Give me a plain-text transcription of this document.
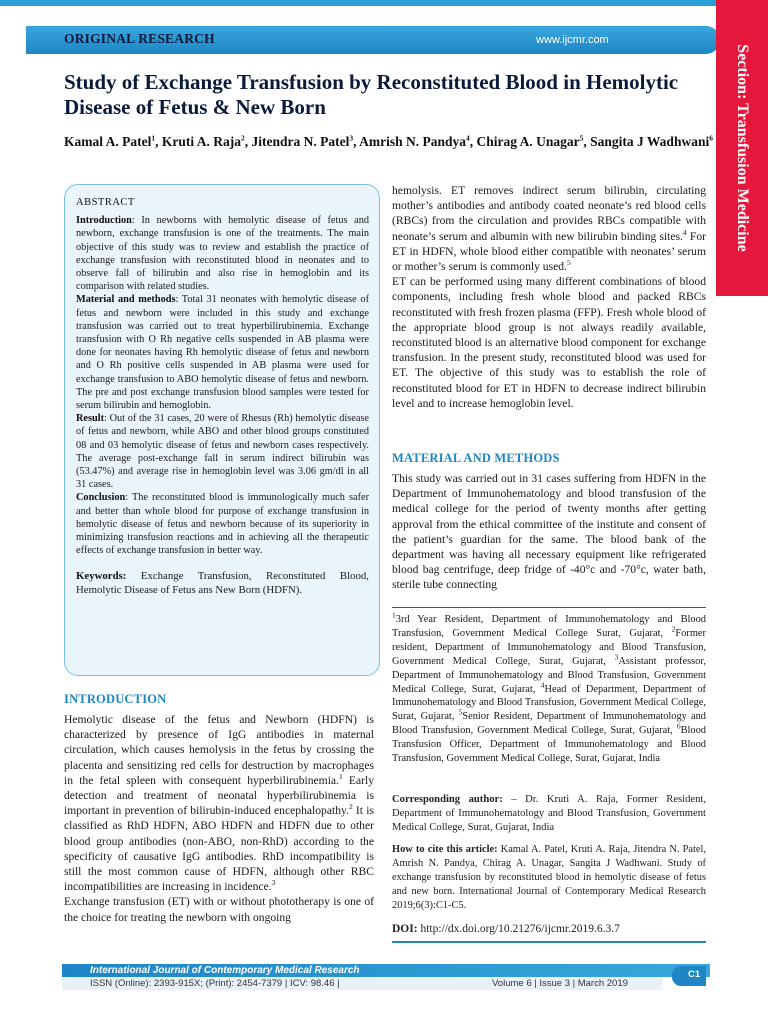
ORIGINAL RESEARCH	www.ijcmr.com
Section: Transfusion Medicine
Study of Exchange Transfusion by Reconstituted Blood in Hemolytic Disease of Fetus & New Born
Kamal A. Patel$^1$, Kruti A. Raja$^2$, Jitendra N. Patel$^3$, Amrish N. Pandya$^4$, Chirag A. Unagar$^5$, Sangita J Wadhwani$^6$
ABSTRACT

Introduction: In newborns with hemolytic disease of fetus and newborn, exchange transfusion is one of the treatments. The main objective of this study was to review and establish the practice of exchange transfusion with reconstituted blood in neonates and to observe fall of bilirubin and also rise in hemoglobin and its comparison with related studies.

Material and methods: Total 31 neonates with hemolytic disease of fetus and newborn were included in this study and exchange transfusion was carried out to treat hyperbilirubinemia. Exchange transfusion with O Rh negative cells suspended in AB plasma were done for neonates having Rh hemolytic disease of fetus and newborn and O Rh positive cells suspended in AB plasma were used for exchange transfusion to ABO hemolytic disease of fetus and newborn. The pre and post exchange transfusion blood samples were tested for serum bilirubin and hemoglobin.

Result: Out of the 31 cases, 20 were of Rhesus (Rh) hemolytic disease of fetus and newborn, while ABO and other blood groups constituted 08 and 03 hemolytic disease of fetus and newborn cases respectively. The average post-exchange fall in serum indirect bilirubin was (53.47%) and average rise in hemoglobin level was 3.06 gm/dl in all 31 cases.

Conclusion: The reconstituted blood is immunologically much safer and better than whole blood for purpose of exchange transfusion in hemolytic disease of fetus and newborn because of its superiority in minimizing transfusion reactions and in achieving all the therapeutic effects of exchange transfusion in better way.

Keywords: Exchange Transfusion, Reconstituted Blood, Hemolytic Disease of Fetus ans New Born (HDFN).

INTRODUCTION
Hemolytic disease of the fetus and Newborn (HDFN) is characterized by presence of IgG antibodies in maternal circulation, which causes hemolysis in the fetus by crossing the placenta and sensitizing red cells for destruction by macrophages in the fetal spleen with consequent hyperbilirubinemia.$^1$ Early detection and treatment of neonatal hyperbilirubinemia is important in prevention of bilirubin-induced encephalopathy.$^2$ It is classified as RhD HDFN, ABO HDFN and HDFN due to other blood group antibodies (non-ABO, non-RhD) according to the specificity of causative IgG antibodies. RhD incompatibility is still the most common cause of HDFN, although other RBC incompatibilities are increasing in incidence.$^3$
Exchange transfusion (ET) with or without phototherapy is one of the choice for treating the newborn with ongoing
hemolysis. ET removes indirect serum bilirubin, circulating mother’s antibodies and antibody coated neonate’s red blood cells (RBCs) from the circulation and provides RBCs compatible with neonate’s serum and albumin with new bilirubin binding sites.$^4$ For ET in HDFN, whole blood either compatible with neonates’ serum or mother’s serum is commonly used.$^5$
ET can be performed using many different combinations of blood components, including fresh whole blood and packed RBCs reconstituted with fresh frozen plasma (FFP). Fresh whole blood of the appropriate blood group is not always readily available, reconstituted blood is an alternative blood component for exchange transfusion. In the present study, reconstituted blood was used for ET. The objective of this study was to establish the role of reconstituted blood for ET in HDFN to decrease indirect bilirubin level and to increase hemoglobin level.
MATERIAL AND METHODS
This study was carried out in 31 cases suffering from HDFN in the Department of Immunohematology and blood transfusion of the medical college for the period of twenty months after getting approval from the ethical committee of the institute and consent of the patient’s guardian for the same. The blood bank of the department was having all necessary equipment like refrigerated blood bag centrifuge, deep fridge of -40°c and -70°c, water bath, sterile tube connecting
$^1$3rd Year Resident, Department of Immunohematology and Blood Transfusion, Government Medical College Surat, Gujarat, $^2$Former resident, Department of Immunohematology and Blood Transfusion, Government Medical College, Surat, Gujarat, $^3$Assistant professor, Department of Immunohematology and Blood Transfusion, Government Medical College, Surat, Gujarat, $^4$Head of Department, Department of Immunohematology and Blood Transfusion, Government Medical College, Surat, Gujarat, $^5$Senior Resident, Department of Immunohematology and Blood Transfusion, Government Medical College, Surat, Gujarat, $^6$Blood Transfusion Officer, Department of Immunohematology and Blood Transfusion, Government Medical College, Surat, Gujarat, India
Corresponding author: – Dr. Kruti A. Raja, Former Resident, Department of Immunohematology and Blood Transfusion, Government Medical College, Surat, Gujarat, India
How to cite this article: Kamal A. Patel, Kruti A. Raja, Jitendra N. Patel, Amrish N. Pandya, Chirag A. Unagar, Sangita J Wadhwani. Study of exchange transfusion by reconstituted blood in hemolytic disease of fetus and new born. International Journal of Contemporary Medical Research 2019;6(3):C1-C5.
DOI: http://dx.doi.org/10.21276/ijcmr.2019.6.3.7
International Journal of Contemporary Medical Research
ISSN (Online): 2393-915X; (Print): 2454-7379 | ICV: 98.46 |	Volume 6 | Issue 3 | March 2019
C1
